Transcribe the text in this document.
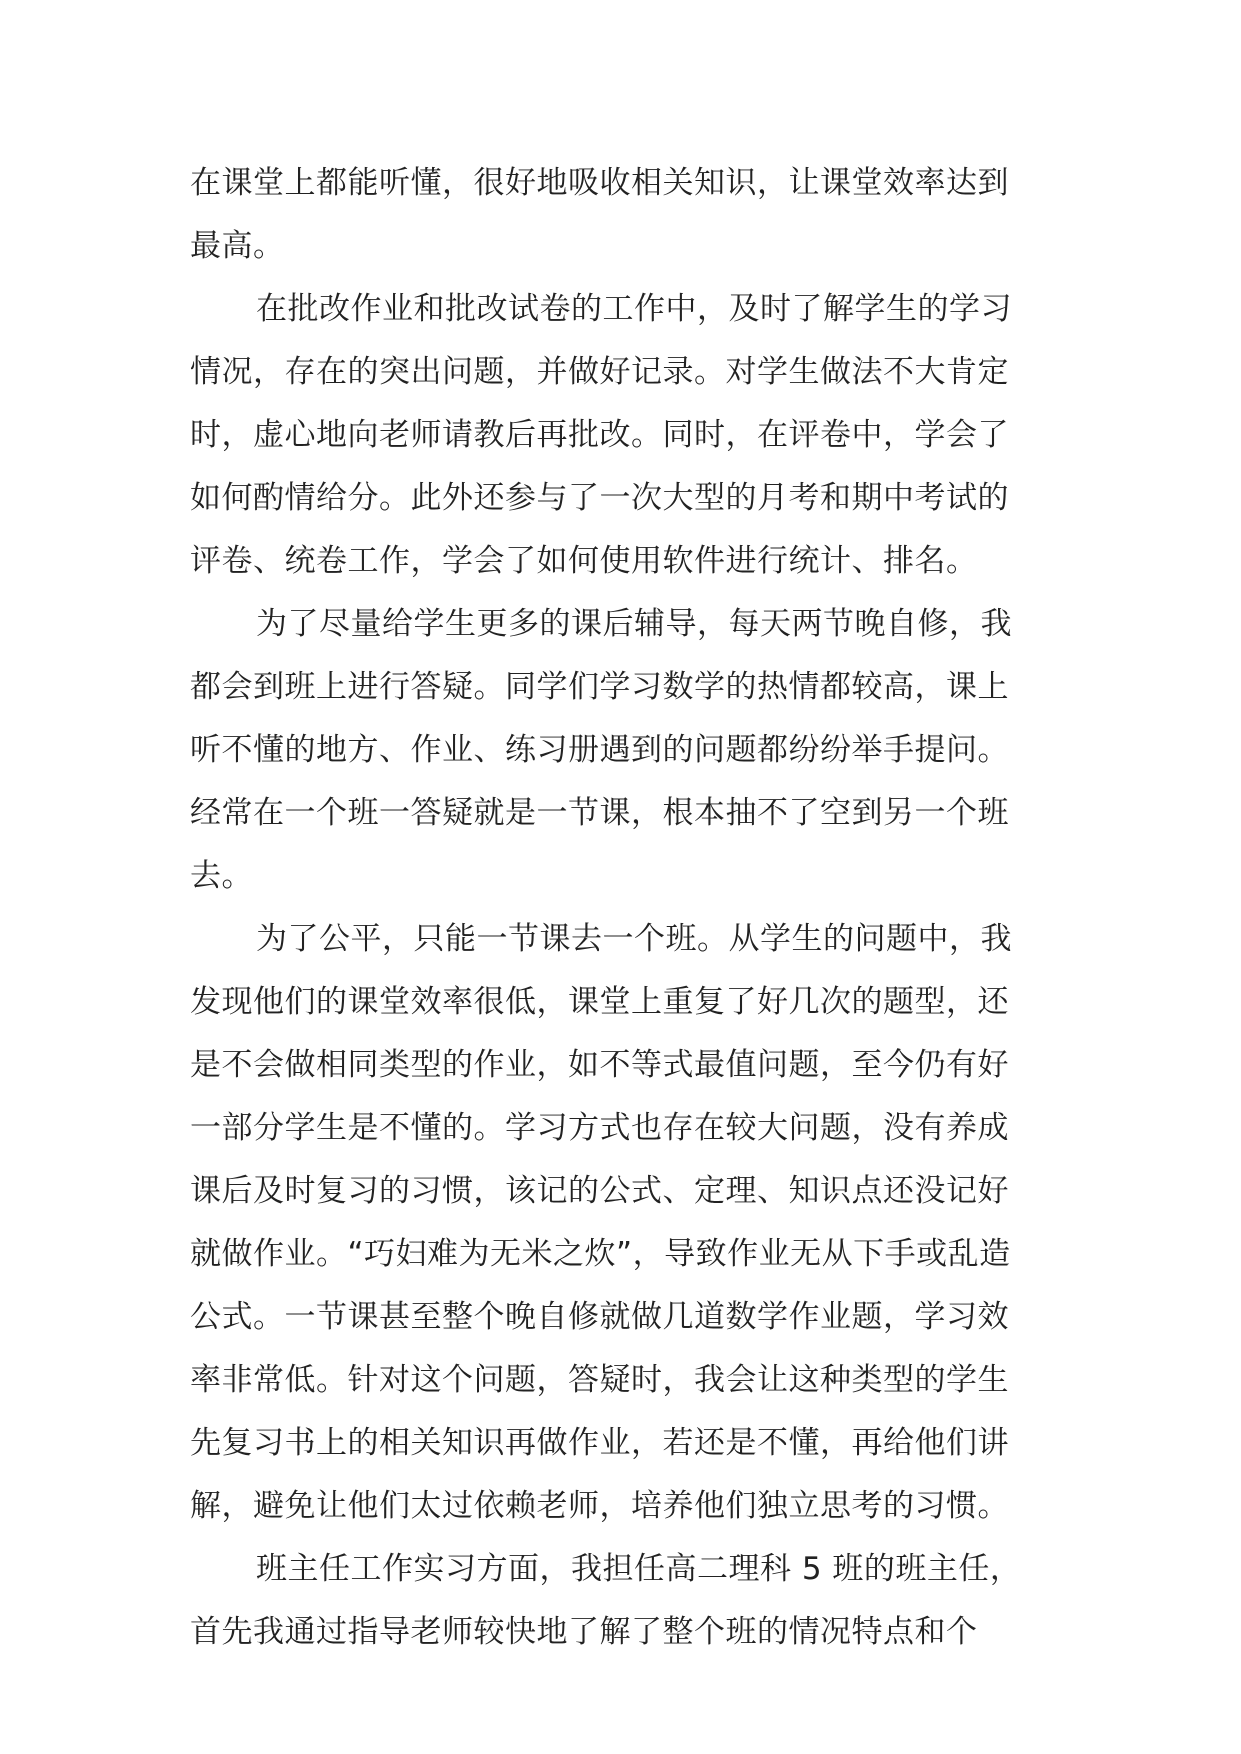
在课堂上都能听懂，很好地吸收相关知识，让课堂效率达到
最高。
在批改作业和批改试卷的工作中，及时了解学生的学习
情况，存在的突出问题，并做好记录。对学生做法不大肯定
时，虚心地向老师请教后再批改。同时，在评卷中，学会了
如何酌情给分。此外还参与了一次大型的月考和期中考试的
评卷、统卷工作，学会了如何使用软件进行统计、排名。
为了尽量给学生更多的课后辅导，每天两节晚自修，我
都会到班上进行答疑。同学们学习数学的热情都较高，课上
听不懂的地方、作业、练习册遇到的问题都纷纷举手提问。
经常在一个班一答疑就是一节课，根本抽不了空到另一个班
去。
为了公平，只能一节课去一个班。从学生的问题中，我
发现他们的课堂效率很低，课堂上重复了好几次的题型，还
是不会做相同类型的作业，如不等式最值问题，至今仍有好
一部分学生是不懂的。学习方式也存在较大问题，没有养成
课后及时复习的习惯，该记的公式、定理、知识点还没记好
就做作业。“巧妇难为无米之炊”，导致作业无从下手或乱造
公式。一节课甚至整个晚自修就做几道数学作业题，学习效
率非常低。针对这个问题，答疑时，我会让这种类型的学生
先复习书上的相关知识再做作业，若还是不懂，再给他们讲
解，避免让他们太过依赖老师，培养他们独立思考的习惯。
班主任工作实习方面，我担任高二理科 5 班的班主任，
首先我通过指导老师较快地了解了整个班的情况特点和个
